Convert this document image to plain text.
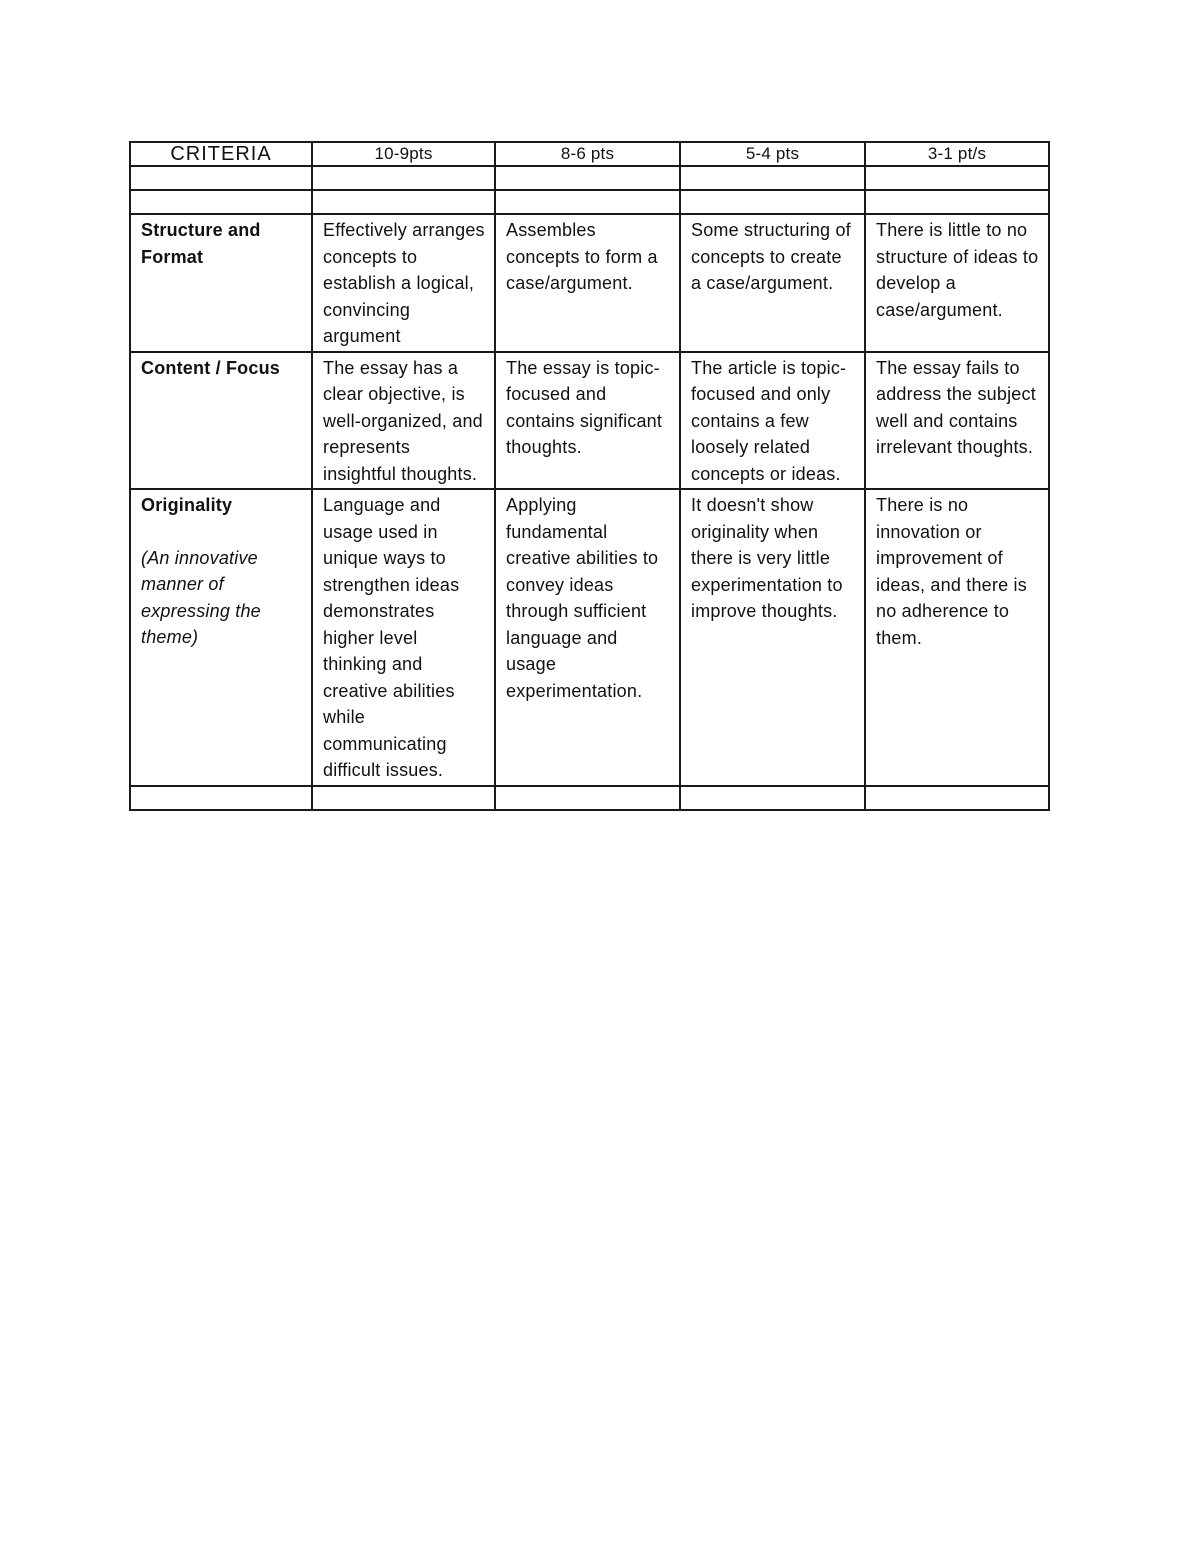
CRITERIA	10-9pts	8-6 pts	5-4 pts	3-1 pt/s

Structure and Format	Effectively arranges concepts to establish a logical, convincing argument	Assembles concepts to form a case/argument.	Some structuring of concepts to create a case/argument.	There is little to no structure of ideas to develop a case/argument.

Content / Focus	The essay has a clear objective, is well-organized, and represents insightful thoughts.	The essay is topic-focused and contains significant thoughts.	The article is topic-focused and only contains a few loosely related concepts or ideas.	The essay fails to address the subject well and contains irrelevant thoughts.

Originality
(An innovative manner of expressing the theme)	Language and usage used in unique ways to strengthen ideas demonstrates higher level thinking and creative abilities while communicating difficult issues.	Applying fundamental creative abilities to convey ideas through sufficient language and usage experimentation.	It doesn't show originality when there is very little experimentation to improve thoughts.	There is no innovation or improvement of ideas, and there is no adherence to them.
